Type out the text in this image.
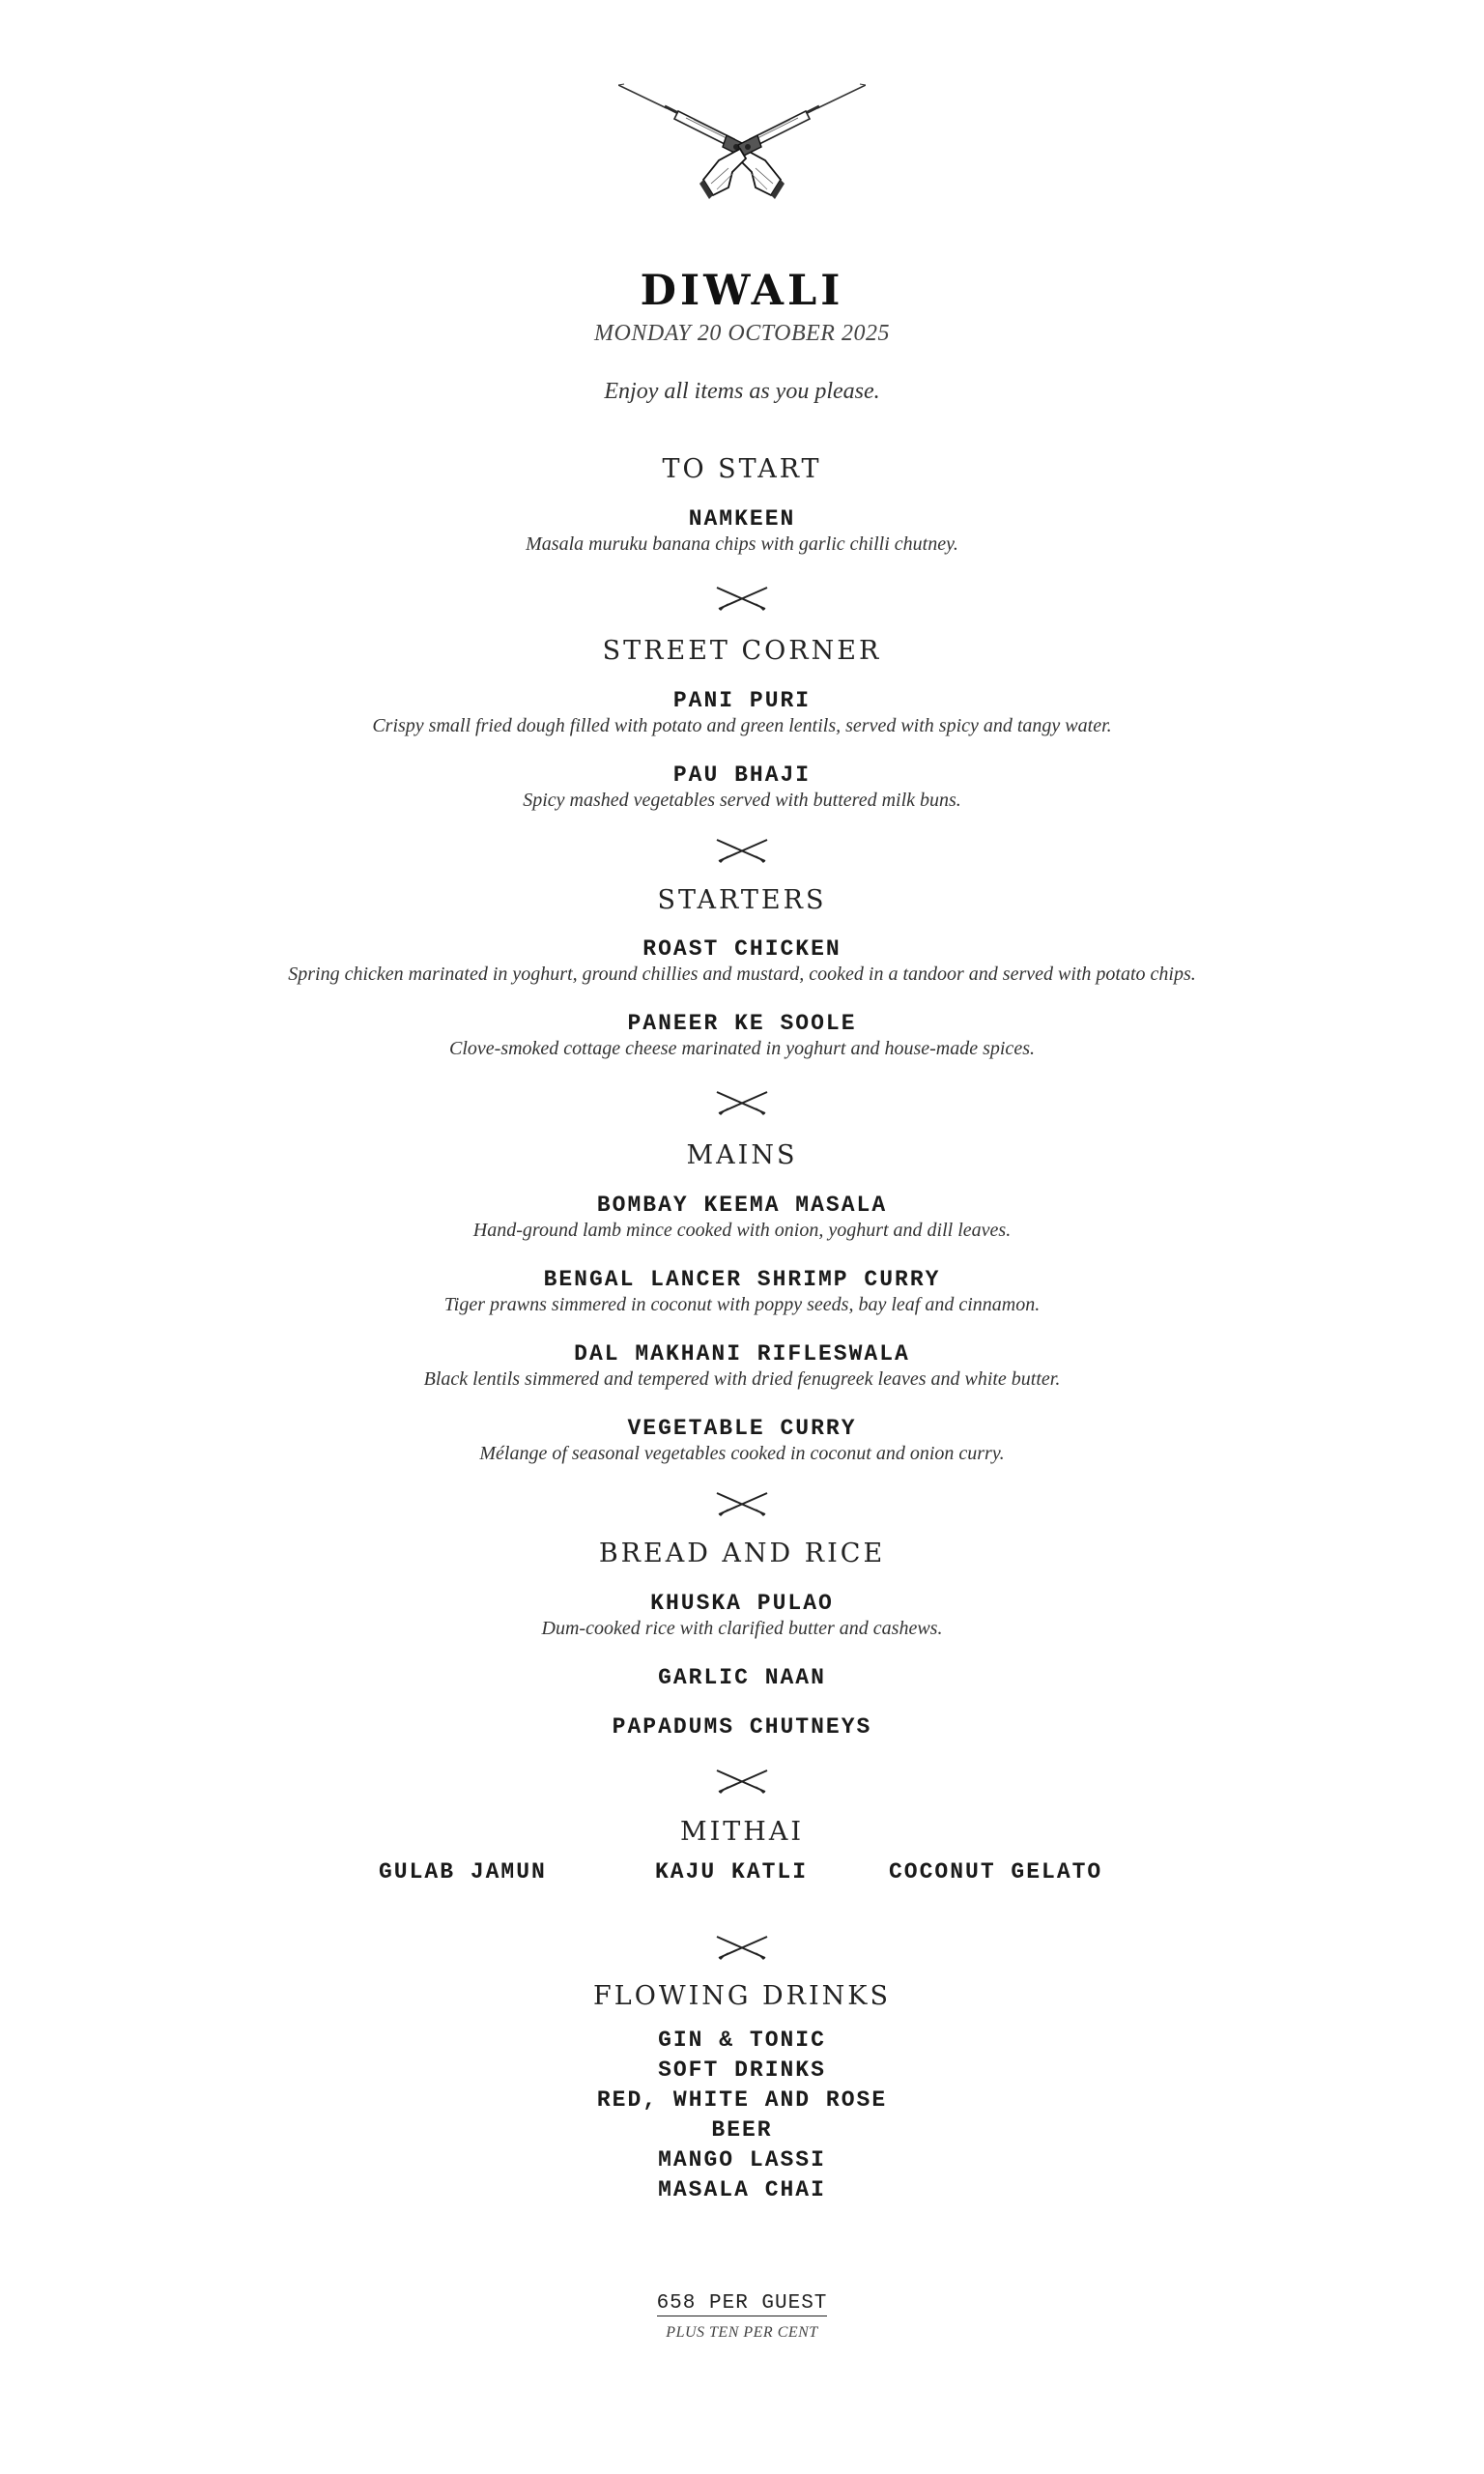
DIWALI
MONDAY 20 OCTOBER 2025
Enjoy all items as you please.
TO START
NAMKEEN
Masala muruku banana chips with garlic chilli chutney.
STREET CORNER
PANI PURI
Crispy small fried dough filled with potato and green lentils, served with spicy and tangy water.
PAU BHAJI
Spicy mashed vegetables served with buttered milk buns.
STARTERS
ROAST CHICKEN
Spring chicken marinated in yoghurt, ground chillies and mustard, cooked in a tandoor and served with potato chips.
PANEER KE SOOLE
Clove-smoked cottage cheese marinated in yoghurt and house-made spices.
MAINS
BOMBAY KEEMA MASALA
Hand-ground lamb mince cooked with onion, yoghurt and dill leaves.
BENGAL LANCER SHRIMP CURRY
Tiger prawns simmered in coconut with poppy seeds, bay leaf and cinnamon.
DAL MAKHANI RIFLESWALA
Black lentils simmered and tempered with dried fenugreek leaves and white butter.
VEGETABLE CURRY
Mélange of seasonal vegetables cooked in coconut and onion curry.
BREAD AND RICE
KHUSKA PULAO
Dum-cooked rice with clarified butter and cashews.
GARLIC NAAN
PAPADUMS CHUTNEYS
MITHAI
GULAB JAMUN	KAJU KATLI	COCONUT GELATO
FLOWING DRINKS
GIN & TONIC
SOFT DRINKS
RED, WHITE AND ROSE
BEER
MANGO LASSI
MASALA CHAI
658 PER GUEST
PLUS TEN PER CENT
